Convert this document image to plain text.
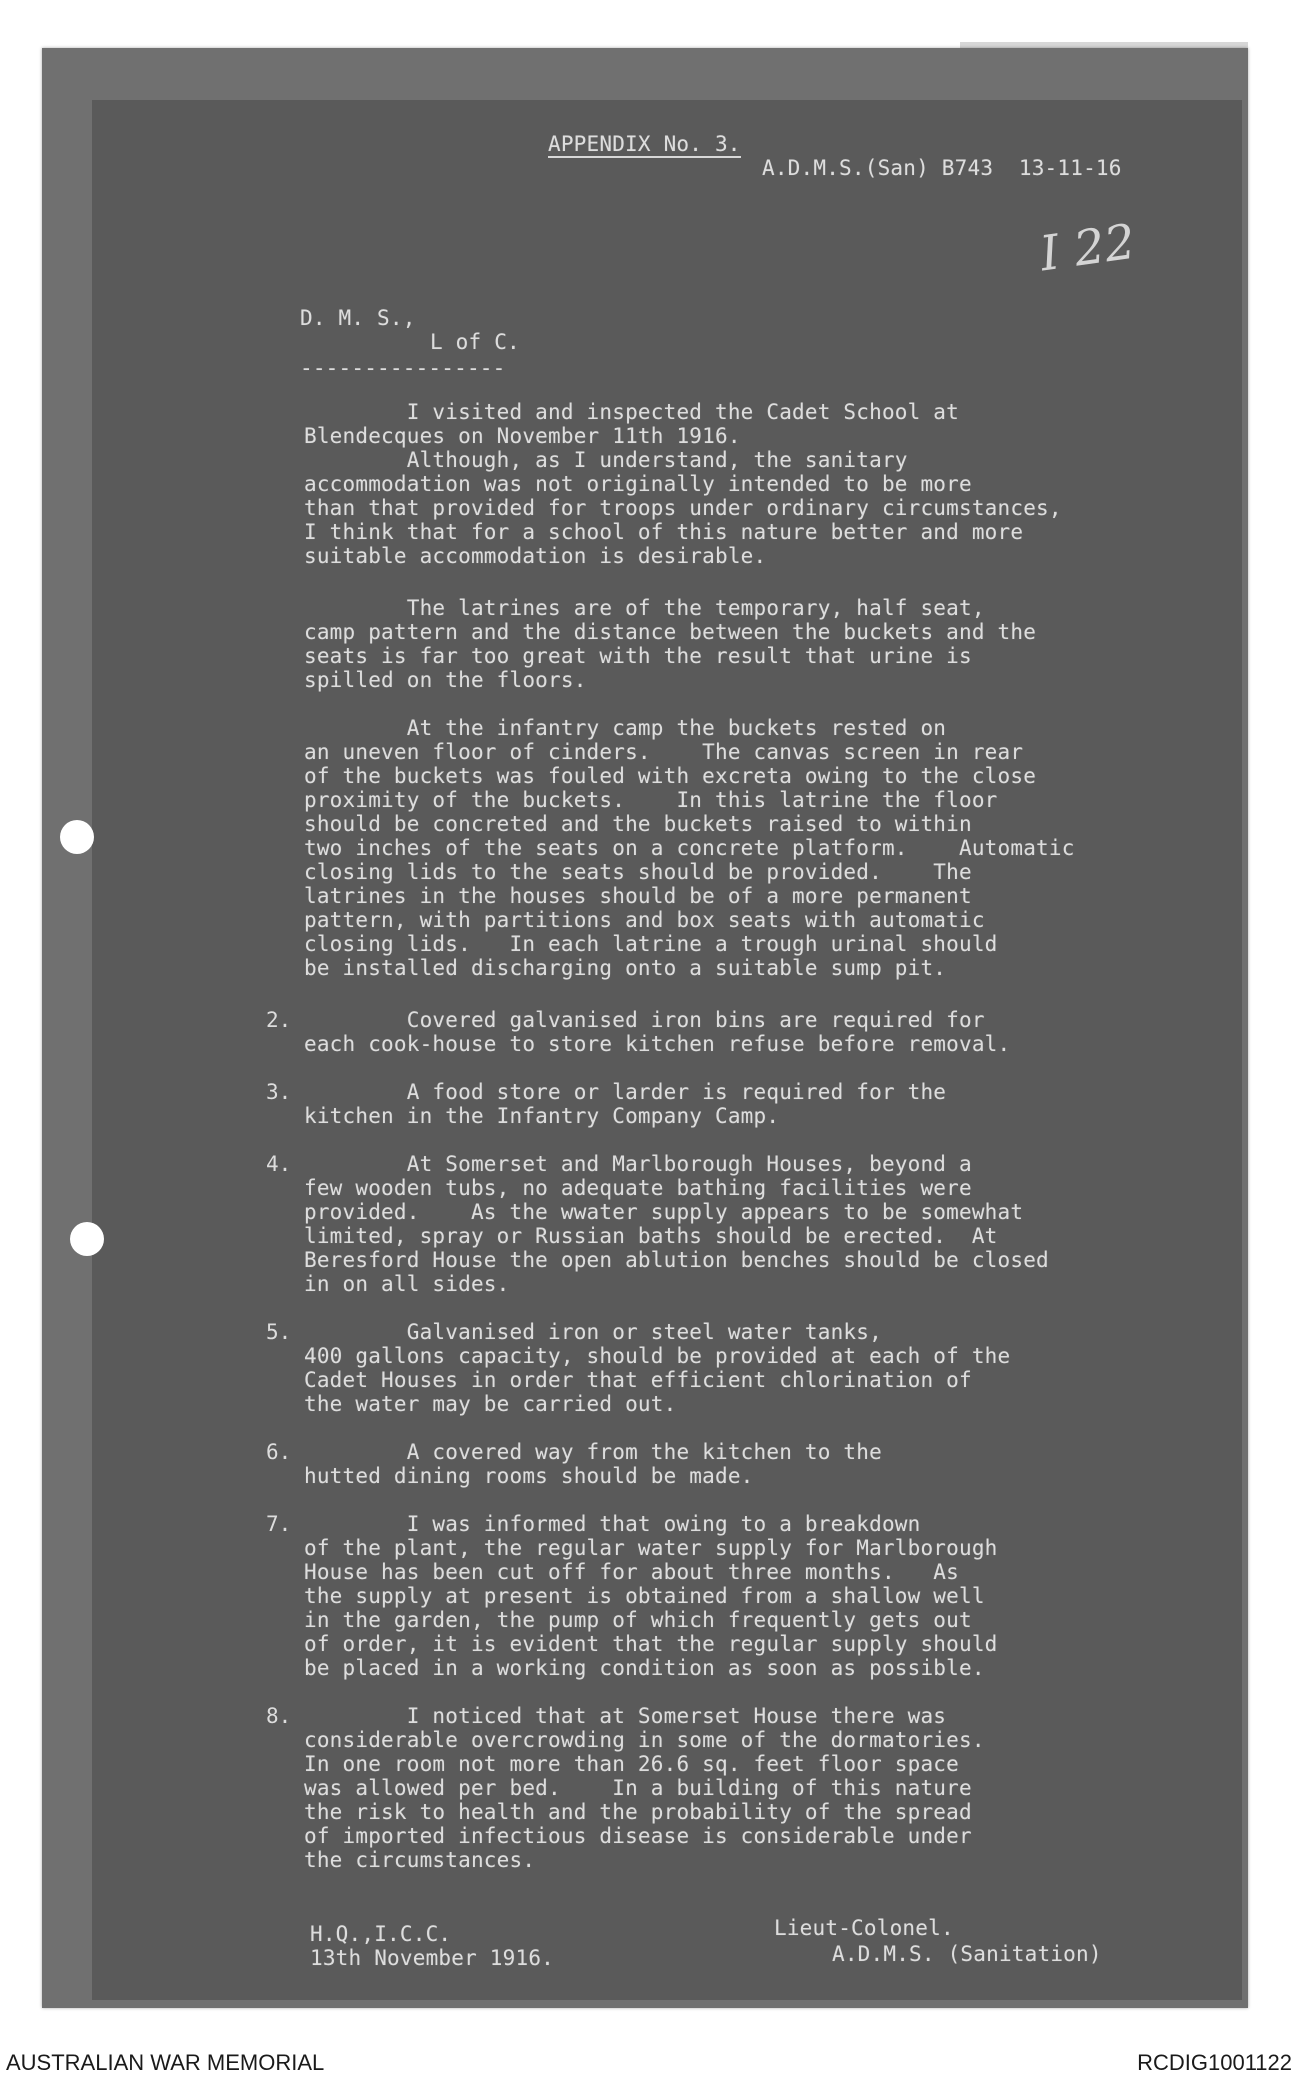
APPENDIX No. 3.
A.D.M.S.(San) B743  13-11-16
I 22
D. M. S.,
L of C.
----------------
I visited and inspected the Cadet School at
Blendecques on November 11th 1916.
Although, as I understand, the sanitary
accommodation was not originally intended to be more
than that provided for troops under ordinary circumstances,
I think that for a school of this nature better and more
suitable accommodation is desirable.
The latrines are of the temporary, half seat,
camp pattern and the distance between the buckets and the
seats is far too great with the result that urine is
spilled on the floors.
At the infantry camp the buckets rested on
an uneven floor of cinders.    The canvas screen in rear
of the buckets was fouled with excreta owing to the close
proximity of the buckets.    In this latrine the floor
should be concreted and the buckets raised to within
two inches of the seats on a concrete platform.    Automatic
closing lids to the seats should be provided.    The
latrines in the houses should be of a more permanent
pattern, with partitions and box seats with automatic
closing lids.   In each latrine a trough urinal should
be installed discharging onto a suitable sump pit.
2. Covered galvanised iron bins are required for
each cook-house to store kitchen refuse before removal.
3. A food store or larder is required for the
kitchen in the Infantry Company Camp.
4. At Somerset and Marlborough Houses, beyond a
few wooden tubs, no adequate bathing facilities were
provided.    As the wwater supply appears to be somewhat
limited, spray or Russian baths should be erected.  At
Beresford House the open ablution benches should be closed
in on all sides.
5. Galvanised iron or steel water tanks,
400 gallons capacity, should be provided at each of the
Cadet Houses in order that efficient chlorination of
the water may be carried out.
6. A covered way from the kitchen to the
hutted dining rooms should be made.
7. I was informed that owing to a breakdown
of the plant, the regular water supply for Marlborough
House has been cut off for about three months.   As
the supply at present is obtained from a shallow well
in the garden, the pump of which frequently gets out
of order, it is evident that the regular supply should
be placed in a working condition as soon as possible.
8. I noticed that at Somerset House there was
considerable overcrowding in some of the dormatories.
In one room not more than 26.6 sq. feet floor space
was allowed per bed.    In a building of this nature
the risk to health and the probability of the spread
of imported infectious disease is considerable under
the circumstances.
H.Q.,I.C.C.
13th November 1916.
Lieut-Colonel.
A.D.M.S. (Sanitation)
AUSTRALIAN WAR MEMORIAL	RCDIG1001122
